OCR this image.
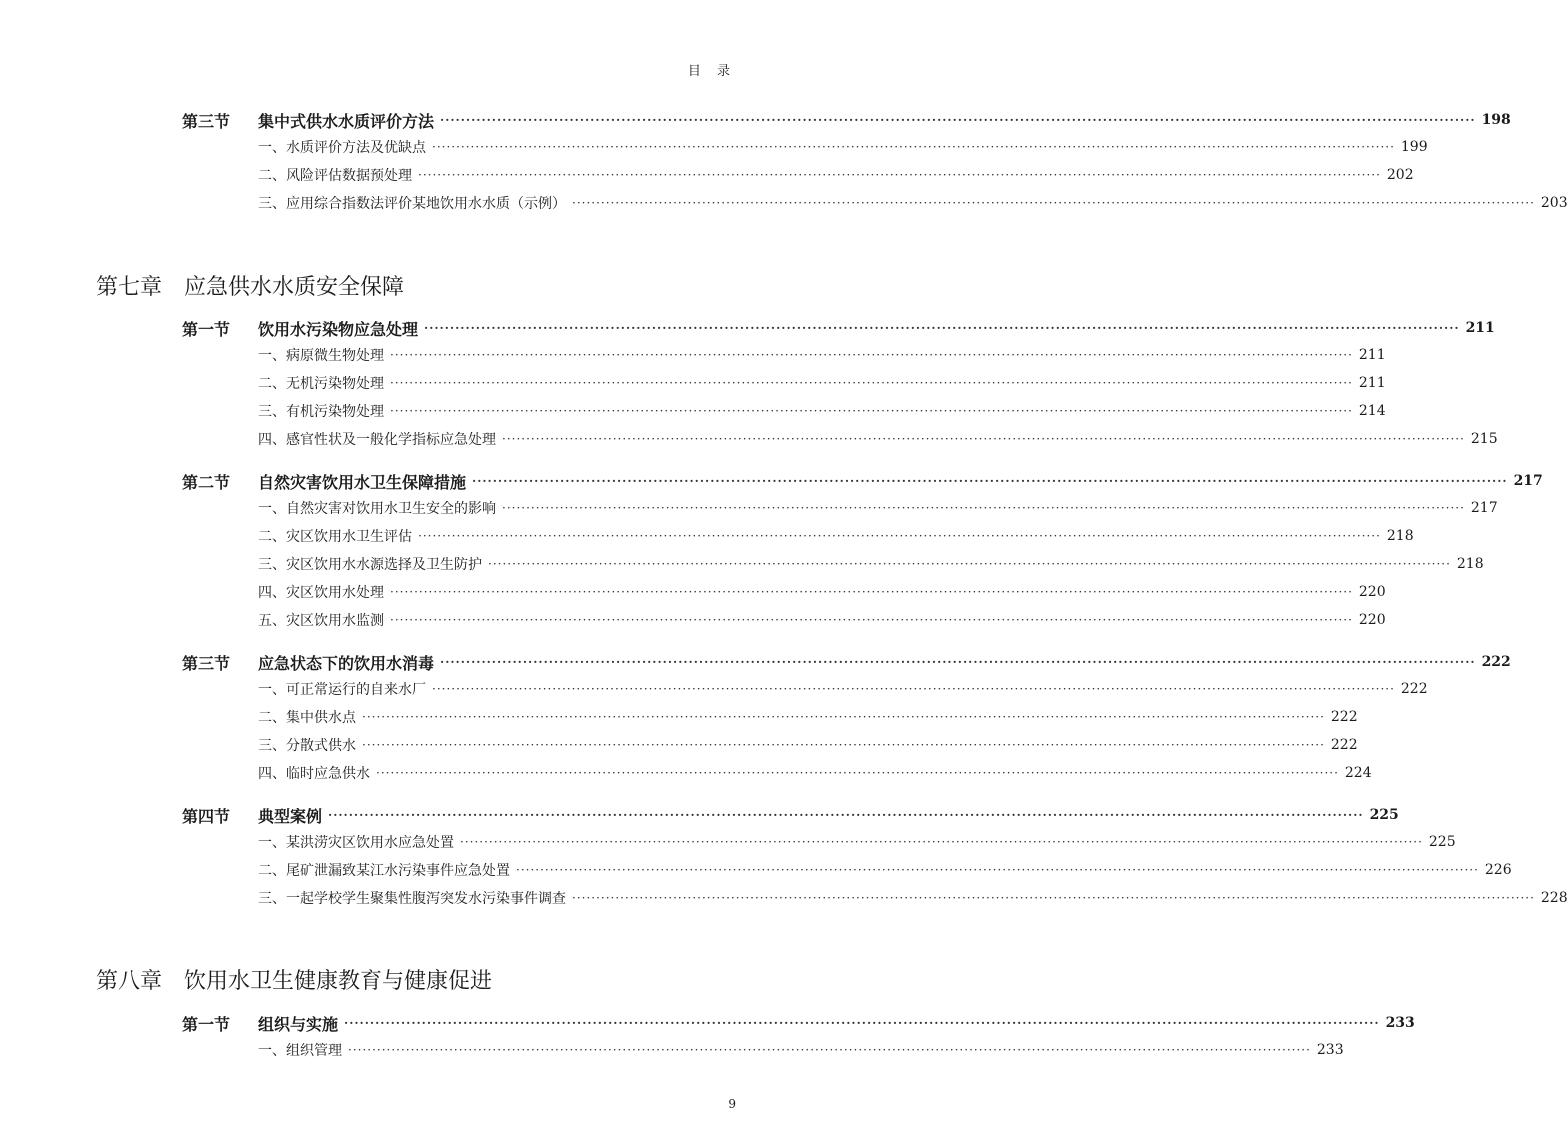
目 录
第三节 集中式供水水质评价方法 ········································································································································································································ 198
一、水质评价方法及优缺点 ········································································································································································································ 199
二、风险评估数据预处理 ········································································································································································································ 202
三、应用综合指数法评价某地饮用水水质（示例） ········································································································································································································ 203
第七章 应急供水水质安全保障
第一节 饮用水污染物应急处理 ········································································································································································································ 211
一、病原微生物处理 ········································································································································································································ 211
二、无机污染物处理 ········································································································································································································ 211
三、有机污染物处理 ········································································································································································································ 214
四、感官性状及一般化学指标应急处理 ········································································································································································································ 215
第二节 自然灾害饮用水卫生保障措施 ········································································································································································································ 217
一、自然灾害对饮用水卫生安全的影响 ········································································································································································································ 217
二、灾区饮用水卫生评估 ········································································································································································································ 218
三、灾区饮用水水源选择及卫生防护 ········································································································································································································ 218
四、灾区饮用水处理 ········································································································································································································ 220
五、灾区饮用水监测 ········································································································································································································ 220
第三节 应急状态下的饮用水消毒 ········································································································································································································ 222
一、可正常运行的自来水厂 ········································································································································································································ 222
二、集中供水点 ········································································································································································································ 222
三、分散式供水 ········································································································································································································ 222
四、临时应急供水 ········································································································································································································ 224
第四节 典型案例 ········································································································································································································ 225
一、某洪涝灾区饮用水应急处置 ········································································································································································································ 225
二、尾矿泄漏致某江水污染事件应急处置 ········································································································································································································ 226
三、一起学校学生聚集性腹泻突发水污染事件调查 ········································································································································································································ 228
第八章 饮用水卫生健康教育与健康促进
第一节 组织与实施 ········································································································································································································ 233
一、组织管理 ········································································································································································································ 233
9
